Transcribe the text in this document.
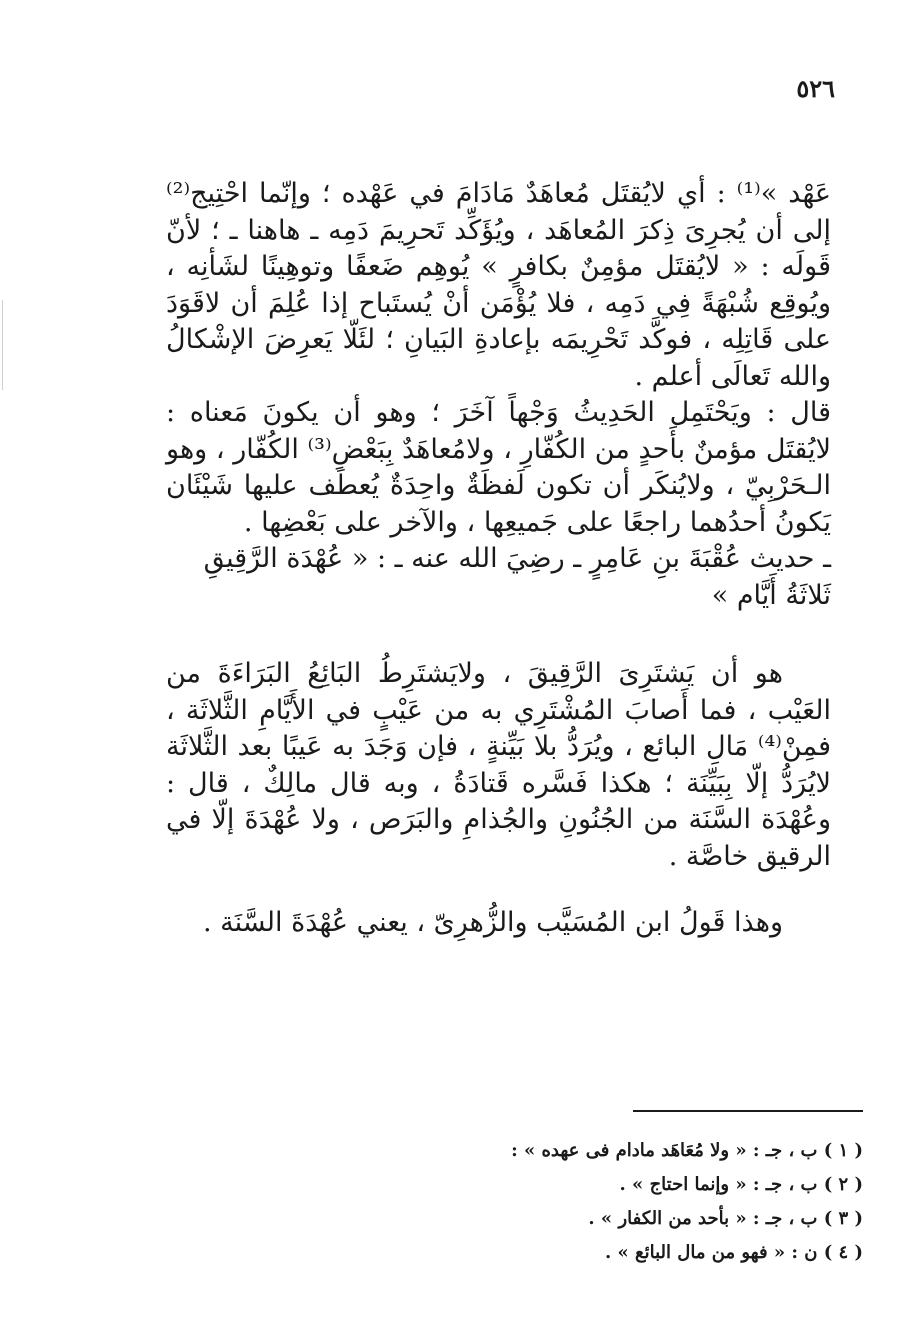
٥٢٦

عَهْد »⁽¹⁾ : أي لايُقتَل مُعاهَدٌ مَادَامَ في عَهْده ؛ وإنّما احْتِيج⁽²⁾ إلى أن يُجرِىَ ذِكرَ المُعاهَد ، ويُؤَكِّد تَحرِيمَ دَمِه ـ هاهنا ـ ؛ لأنّ قَولَه : « لايُقتَل مؤمِنٌ بكافرٍ » يُوهِم ضَعفًا وتوهِينًا لشَأنِه ، ويُوقِع شُبْهَةً فِي دَمِه ، فلا يُؤْمَن أنْ يُستَباح إذا عُلِمَ أن لاقَوَدَ على قَاتِلِه ، فوكَّد تَحْرِيمَه بإعادةِ البَيانِ ؛ لئَلّا يَعرِضَ الإشْكالُ والله تَعالَى أعلم .

قال : ويَحْتَمِل الحَدِيثُ وَجْهاً آخَرَ ؛ وهو أن يكونَ مَعناه : لايُقتَل مؤمنٌ بأَحدٍ من الكُفّارِ ، ولامُعاهَدٌ بِبَعْضِ⁽³⁾ الكُفّار ، وهو الـحَرْبِيّ ، ولايُنكَر أن تكون لَفظَةٌ واحِدَةٌ يُعطَف عليها شَيْئَان يَكونُ أحدُهما راجعًا على جَميعِها ، والآخر على بَعْضِها .

ـ حديث عُقْبَةَ بنِ عَامِرٍ ـ رضِيَ الله عنه ـ : « عُهْدَة الرَّقِيقِ ثَلاثَةُ أَيَّام »

هو أن يَشتَرِىَ الرَّقِيقَ ، ولايَشتَرِطُ البَائِعُ البَرَاءَةَ من العَيْب ، فما أَصابَ المُشْتَرِي به من عَيْبٍ في الأَيَّامِ الثَّلاثَة ، فمِنْ⁽⁴⁾ مَالِ البائع ، ويُرَدُّ بلا بَيِّنةٍ ، فإن وَجَدَ به عَيبًا بعد الثَّلاثَة لايُرَدُّ إلّا بِبَيِّنَة ؛ هكذا فَسَّره قَتادَةُ ، وبه قال مالِكٌ ، قال : وعُهْدَة السَّنَة من الجُنُونِ والجُذامِ والبَرَص ، ولا عُهْدَةَ إلّا في الرقيق خاصَّة .

وهذا قَولُ ابن المُسَيَّب والزُّهرِىّ ، يعني عُهْدَةَ السَّنَة .

( ١ ) ب ، جـ : « ولا مُعَاهَد مادام فى عهده » :
( ٢ ) ب ، جـ : « وإنما احتاج » .
( ٣ ) ب ، جـ : « بأحد من الكفار » .
( ٤ ) ن : « فهو من مال البائع » .
